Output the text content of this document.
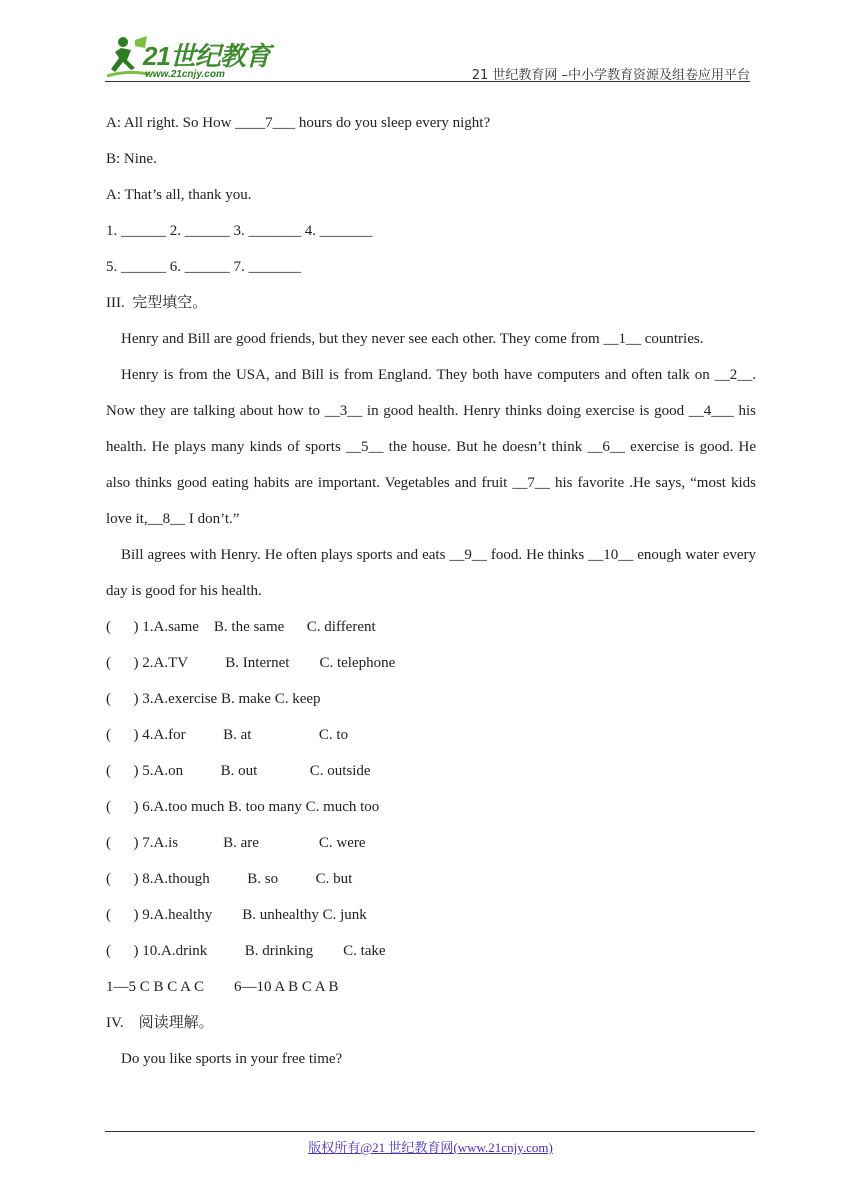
21世纪教育
www.21cnjy.com	21 世纪教育网 –中小学教育资源及组卷应用平台
A: All right. So How ____7___ hours do you sleep every night?
B: Nine.
A: That’s all, thank you.
1. ______ 2. ______ 3. _______ 4. _______
5. ______ 6. ______ 7. _______
III.  完型填空。
Henry and Bill are good friends, but they never see each other. They come from __1__ countries.
Henry is from the USA, and Bill is from England. They both have computers and often talk on __2__. Now they are talking about how to __3__ in good health. Henry thinks doing exercise is good __4___ his health. He plays many kinds of sports __5__ the house. But he doesn’t think __6__ exercise is good. He also thinks good eating habits are important. Vegetables and fruit __7__ his favorite .He says, “most kids love it,__8__ I don’t.”
Bill agrees with Henry. He often plays sports and eats __9__ food. He thinks __10__ enough water every day is good for his health.
(      ) 1.A.same    B. the same      C. different
(      ) 2.A.TV          B. Internet        C. telephone
(      ) 3.A.exercise B. make C. keep
(      ) 4.A.for          B. at                  C. to
(      ) 5.A.on          B. out              C. outside
(      ) 6.A.too much B. too many C. much too
(      ) 7.A.is            B. are                C. were
(      ) 8.A.though          B. so          C. but
(      ) 9.A.healthy        B. unhealthy C. junk
(      ) 10.A.drink          B. drinking        C. take
1—5 C B C A C        6—10 A B C A B
IV.    阅读理解。
Do you like sports in your free time?
版权所有@21 世纪教育网(www.21cnjy.com)
